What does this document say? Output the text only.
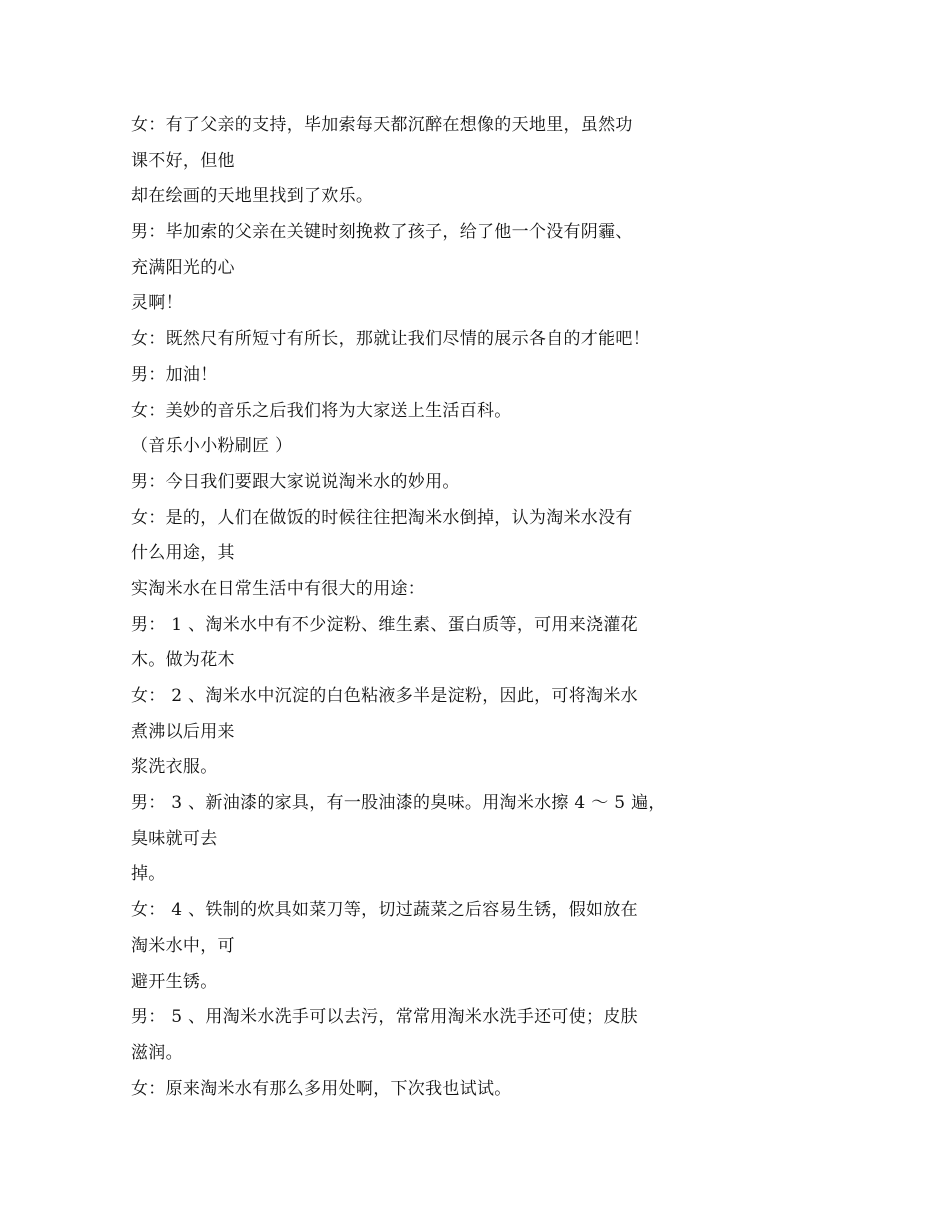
女：有了父亲的支持，毕加索每天都沉醉在想像的天地里，虽然功
课不好，但他
却在绘画的天地里找到了欢乐。
男：毕加索的父亲在关键时刻挽救了孩子，给了他一个没有阴霾、
充满阳光的心
灵啊！
女：既然尺有所短寸有所长，那就让我们尽情的展示各自的才能吧！
男：加油！
女：美妙的音乐之后我们将为大家送上生活百科。
（音乐小小粉刷匠 ）
男：今日我们要跟大家说说淘米水的妙用。
女：是的，人们在做饭的时候往往把淘米水倒掉，认为淘米水没有
什么用途，其
实淘米水在日常生活中有很大的用途：
男： 1 、淘米水中有不少淀粉、维生素、蛋白质等，可用来浇灌花
木。做为花木
女： 2 、淘米水中沉淀的白色粘液多半是淀粉，因此，可将淘米水
煮沸以后用来
浆洗衣服。
男： 3 、新油漆的家具，有一股油漆的臭味。用淘米水擦 4 ～ 5 遍，
臭味就可去
掉。
女： 4 、铁制的炊具如菜刀等，切过蔬菜之后容易生锈，假如放在
淘米水中，可
避开生锈。
男： 5 、用淘米水洗手可以去污，常常用淘米水洗手还可使；皮肤
滋润。
女：原来淘米水有那么多用处啊，下次我也试试。
